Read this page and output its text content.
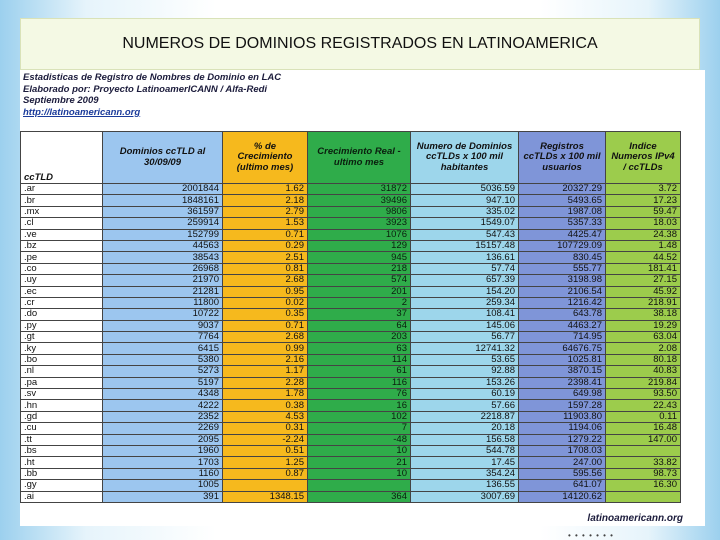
NUMEROS DE DOMINIOS REGISTRADOS EN LATINOAMERICA
Estadisticas de Registro de Nombres de Dominio en LAC
Elaborado por: Proyecto LatinoamerICANN / Alfa-Redi
Septiembre 2009
http://latinoamericann.org
ccTLD	Dominios ccTLD al 30/09/09	% de Crecimiento (ultimo mes)	Crecimiento Real - ultimo mes	Numero de Dominios ccTLDs x 100 mil habitantes	Registros ccTLDs x 100 mil usuarios	Indice Numeros IPv4 / ccTLDs
.ar	2001844	1.62	31872	5036.59	20327.29	3.72
.br	1848161	2.18	39496	947.10	5493.65	17.23
.mx	361597	2.79	9806	335.02	1987.08	59.47
.cl	259914	1.53	3923	1549.07	5357.33	18.03
.ve	152799	0.71	1076	547.43	4425.47	24.38
.bz	44563	0.29	129	15157.48	107729.09	1.48
.pe	38543	2.51	945	136.61	830.45	44.52
.co	26968	0.81	218	57.74	555.77	181.41
.uy	21970	2.68	574	657.39	3198.98	27.15
.ec	21281	0.95	201	154.20	2106.54	45.92
.cr	11800	0.02	2	259.34	1216.42	218.91
.do	10722	0.35	37	108.41	643.78	38.18
.py	9037	0.71	64	145.06	4463.27	19.29
.gt	7764	2.68	203	56.77	714.95	63.04
.ky	6415	0.99	63	12741.32	64676.75	2.08
.bo	5380	2.16	114	53.65	1025.81	80.18
.nl	5273	1.17	61	92.88	3870.15	40.83
.pa	5197	2.28	116	153.26	2398.41	219.84
.sv	4348	1.78	76	60.19	649.98	93.50
.hn	4222	0.38	16	57.66	1597.28	22.43
.gd	2352	4.53	102	2218.87	11903.80	0.11
.cu	2269	0.31	7	20.18	1194.06	16.48
.tt	2095	-2.24	-48	156.58	1279.22	147.00
.bs	1960	0.51	10	544.78	1708.03	
.ht	1703	1.25	21	17.45	247.00	33.82
.bb	1160	0.87	10	354.24	595.56	98.73
.gy	1005			136.55	641.07	16.30
.ai	391	1348.15	364	3007.69	14120.62	
latinoamericann.org
• • • • • • •
